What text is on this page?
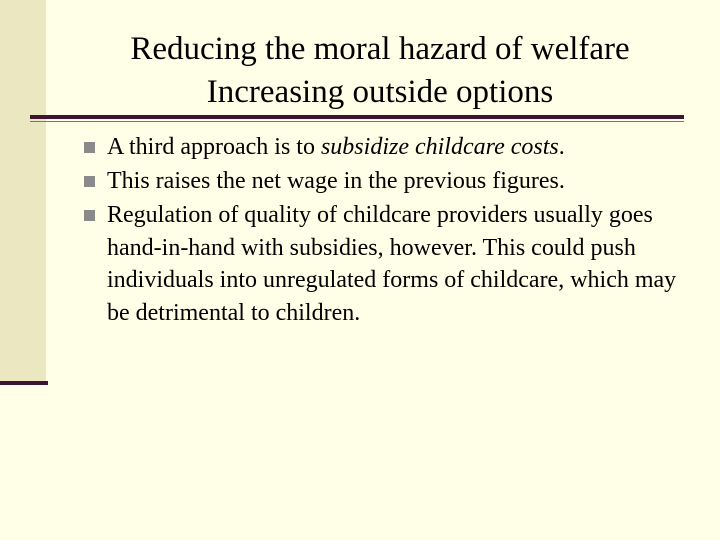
Reducing the moral hazard of welfare
Increasing outside options
A third approach is to subsidize childcare costs.
This raises the net wage in the previous figures.
Regulation of quality of childcare providers usually goes hand-in-hand with subsidies, however. This could push individuals into unregulated forms of childcare, which may be detrimental to children.
